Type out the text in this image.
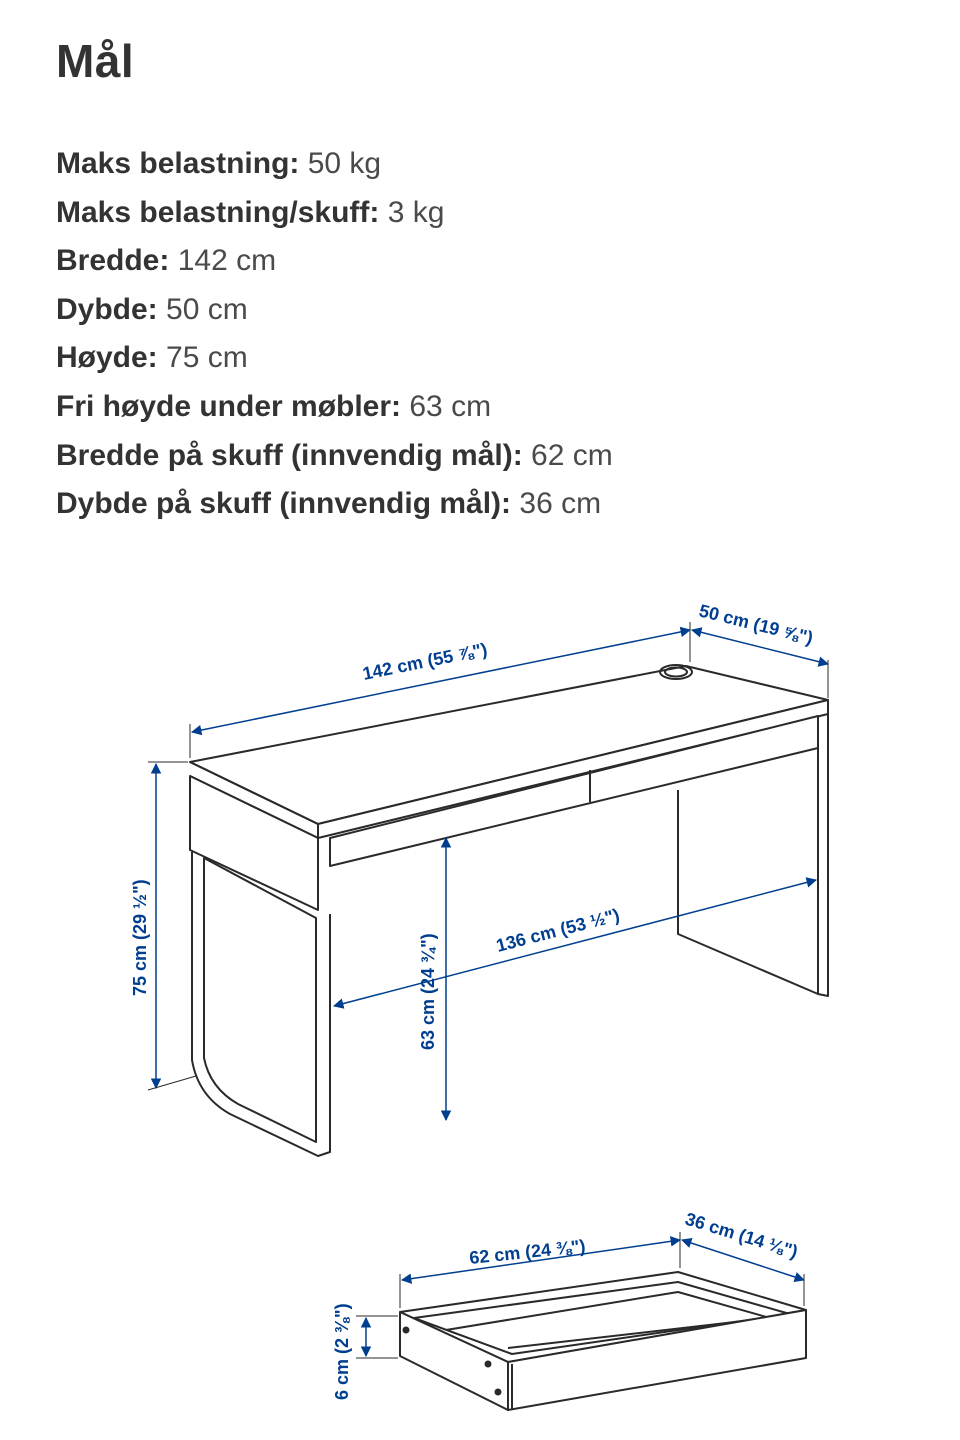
Mål
Maks belastning: 50 kg
Maks belastning/skuff: 3 kg
Bredde: 142 cm
Dybde: 50 cm
Høyde: 75 cm
Fri høyde under møbler: 63 cm
Bredde på skuff (innvendig mål): 62 cm
Dybde på skuff (innvendig mål): 36 cm
142 cm (55 ⅞")
50 cm (19 ⅝")
75 cm (29 ½")	63 cm (24 ¾")
136 cm (53 ½")
62 cm (24 ⅜")	36 cm (14 ⅛")
6 cm (2 ⅜")
